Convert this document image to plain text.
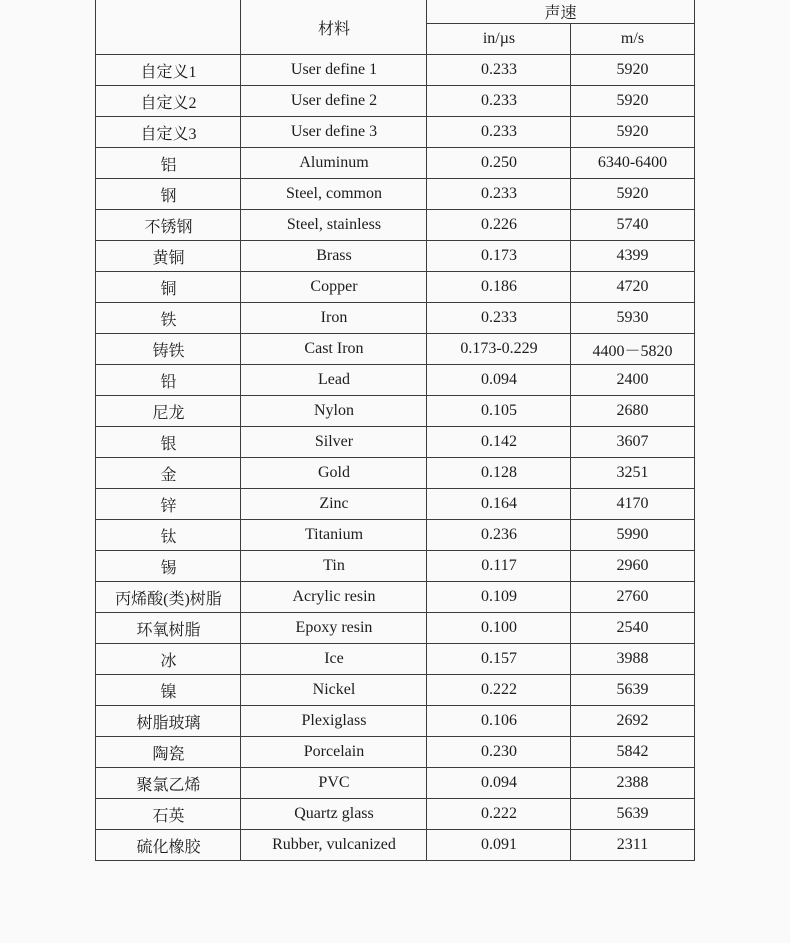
	材料	声速	
		in/µs	m/s
自定义1	User define 1	0.233	5920
自定义2	User define 2	0.233	5920
自定义3	User define 3	0.233	5920
铝	Aluminum	0.250	6340-6400
钢	Steel, common	0.233	5920
不锈钢	Steel, stainless	0.226	5740
黄铜	Brass	0.173	4399
铜	Copper	0.186	4720
铁	Iron	0.233	5930
铸铁	Cast Iron	0.173-0.229	4400－5820
铅	Lead	0.094	2400
尼龙	Nylon	0.105	2680
银	Silver	0.142	3607
金	Gold	0.128	3251
锌	Zinc	0.164	4170
钛	Titanium	0.236	5990
锡	Tin	0.117	2960
丙烯酸(类)树脂	Acrylic resin	0.109	2760
环氧树脂	Epoxy resin	0.100	2540
冰	Ice	0.157	3988
镍	Nickel	0.222	5639
树脂玻璃	Plexiglass	0.106	2692
陶瓷	Porcelain	0.230	5842
聚氯乙烯	PVC	0.094	2388
石英	Quartz glass	0.222	5639
硫化橡胶	Rubber, vulcanized	0.091	2311
